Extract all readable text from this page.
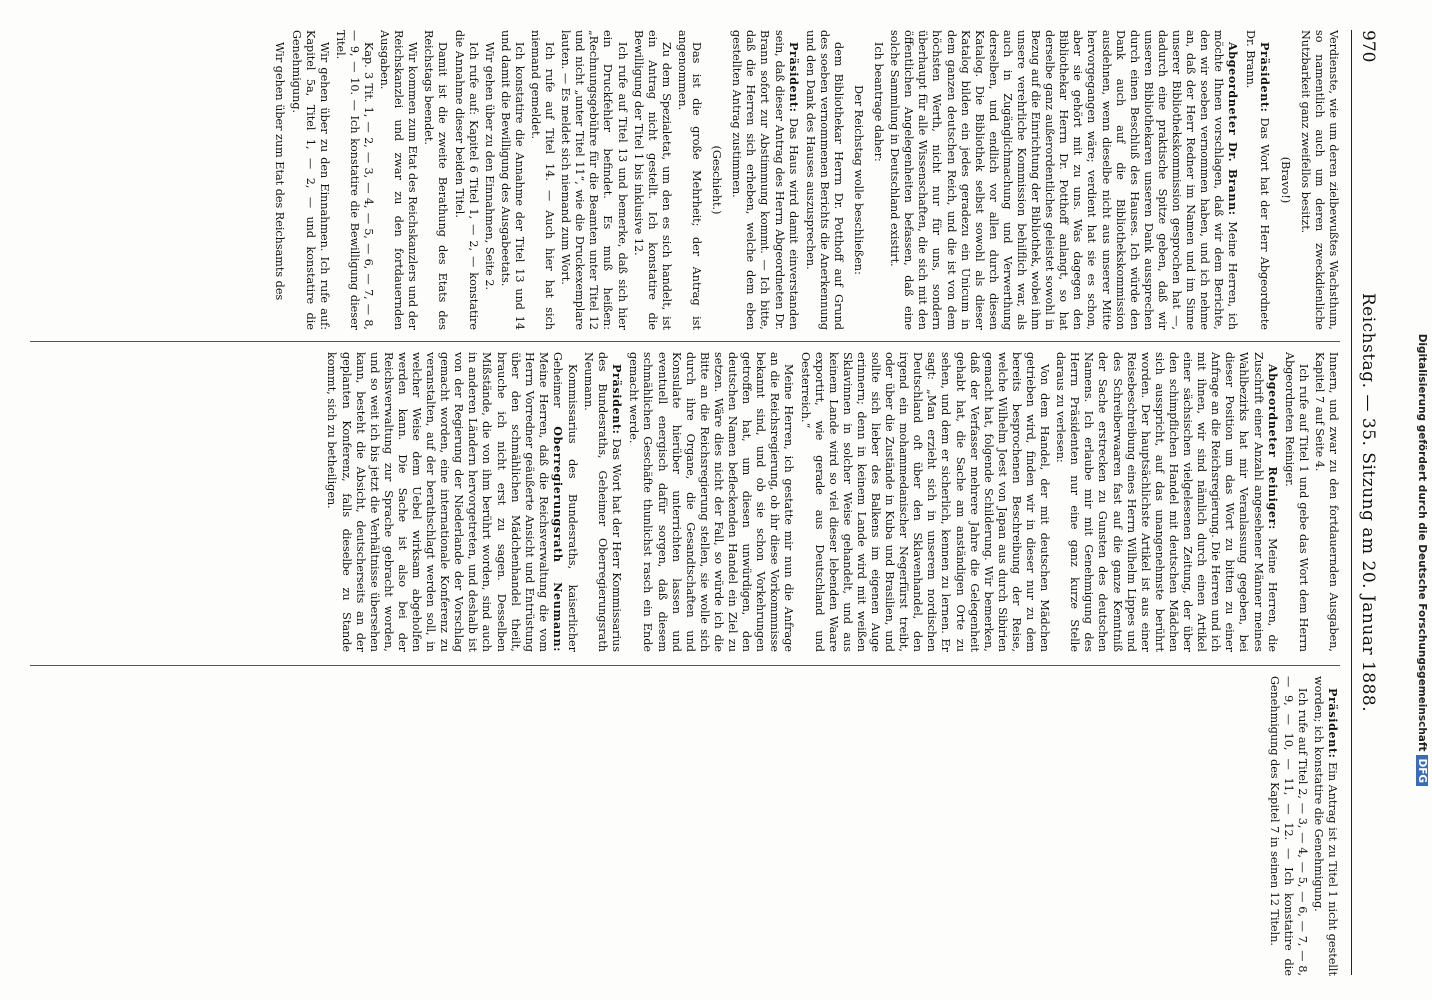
970
Reichstag. — 35. Sitzung am 20. Januar 1888.

Verdienste, wie um deren zielbewußtes Wachsthum, so namentlich auch um deren zweckdienliche Nutzbarkeit ganz zweifellos besitzt.

(Bravo!)

Präsident: Das Wort hat der Herr Abgeordnete Dr. Brann.

Abgeordneter Dr. Brann: Meine Herren, ich möchte Ihnen vorschlagen, daß wir dem Berichte, den wir soeben vernommen haben, und ich nehme an, daß der Herr Redner im Namen und im Sinne unserer Bibliothekskommission gesprochen hat —, dadurch eine praktische Spitze geben, daß wir unseren Bibliothekaren unseren Dank aussprechen durch einen Beschluß des Hauses. Ich würde den Dank auch auf die Bibliothekskommission ausdehnen, wenn dieselbe nicht aus unserer Mitte hervorgegangen wäre; verdient hat sie es schon, aber sie gehört mit zu uns. Was dagegen den Bibliothekar Herrn Dr. Potthoff anlangt, so hat derselbe ganz außerordentliches geleistet sowohl in Bezug auf die Einrichtung der Bibliothek, wobei ihm unsere verehrliche Kommission behilflich war, als auch in Zugänglichmachung und Verwerthung derselben, und endlich vor allen durch diesen Katalog. Die Bibliothek selbst sowohl als dieser Katalog bilden ein jedes geradezu ein Unicum in dem ganzen deutschen Reich, und die ist von dem höchsten Werth, nicht nur für uns, sondern überhaupt für alle Wissenschaften, die sich mit den öffentlichen Angelegenheiten befassen, daß eine solche Sammlung in Deutschland existirt.

Ich beantrage daher:

Der Reichstag wolle beschließen:

dem Bibliothekar Herrn Dr. Potthoff auf Grund des soeben vernommenen Berichts die Anerkennung und den Dank des Hauses auszusprechen.

Präsident: Das Haus wird damit einverstanden sein, daß dieser Antrag des Herrn Abgeordneten Dr. Brann sofort zur Abstimmung kommt. — Ich bitte, daß die Herren sich erheben, welche dem eben gestellten Antrag zustimmen.

(Geschieht.)

Das ist die große Mehrheit; der Antrag ist angenommen.

Zu dem Spezialetat, um den es sich handelt, ist ein Antrag nicht gestellt. Ich konstatire die Bewilligung der Titel 1 bis inklusive 12.

Ich rufe auf Titel 13 und bemerke, daß sich hier ein Druckfehler befindet. Es muß heißen: „Rechnungsgebühre für die Beamten unter Titel 12 und nicht „unter Titel 11“, wie die Druckexemplare lauten. — Es meldet sich niemand zum Wort.

Ich rufe auf Titel 14. — Auch hier hat sich niemand gemeldet.

Ich konstatire die Annahme der Titel 13 und 14 und damit die Bewilligung des Ausgabeetats.

Wir gehen über zu den Einnahmen, Seite 2.

Ich rufe auf: Kapitel 6 Titel 1, — 2, — konstatire die Annahme dieser beiden Titel.

Damit ist die zweite Berathung des Etats des Reichstags beendet.

Wir kommen zum Etat des Reichskanzlers und der Reichskanzlei und zwar zu den fortdauernden Ausgaben.

Kap. 3 Tit. 1, — 2, — 3, — 4, — 5, — 6, — 7, — 8, — 9, — 10. — Ich konstatire die Bewilligung dieser Titel.

Wir gehen über zu den Einnahmen. Ich rufe auf: Kapitel 5a, Titel 1, — 2, — und konstatire die Genehmigung.

Wir gehen über zum Etat des Reichsamts des

Innern, und zwar zu den fortdauernden Ausgaben, Kapitel 7 auf Seite 4.

Ich rufe auf Titel 1 und gebe das Wort dem Herrn Abgeordneten Reiniger.

Abgeordneter Reiniger: Meine Herren, die Zuschrift einer Anzahl angesehener Männer meines Wahlbezirks hat mir Veranlassung gegeben, bei dieser Position um das Wort zu bitten zu einer Anfrage an die Reichsregierung. Die Herren und ich mit ihnen, wir sind nämlich durch einen Artikel einer sächsischen vielgelesenen Zeitung, der über den schimpflichen Handel mit deutschen Mädchen sich ausspricht, auf das unangenehmste berührt worden. Der hauptsächlichste Artikel ist aus einer Reisebeschreibung eines Herrn Wilhelm Lippes und des Schreiberwaaren fast auf die ganze Kenntniß der Sache erstrecken zu Gunsten des deutschen Namens. Ich erlaube mir mit Genehmigung des Herrn Präsidenten nur eine ganz kurze Stelle daraus zu verlesen:

Von dem Handel, der mit deutschen Mädchen getrieben wird, finden wir in dieser nur zu dem bereits besprochenen Beschreibung der Reise, welche Wilhelm Joest von Japan aus durch Sibirien gemacht hat, folgende Schilderung. Wir bemerken, daß der Verfasser mehrere Jahre die Gelegenheit gehabt hat, die Sache am anständigen Orte zu sehen, und dem er sicherlich, kennen zu lernen. Er sagt: „Man erzieht sich in unserem nordischen Deutschland oft über den Sklavenhandel, den irgend ein mohammedanischer Negerfürst treibt, oder über die Zustände in Kuba und Brasilien, und sollte sich lieber des Balkens im eigenen Auge erinnern; denn in keinem Lande wird mit weißen Sklavinnen in solcher Weise gehandelt, und aus keinem Lande wird so viel dieser lebenden Waare exportirt, wie gerade aus Deutschland und Oesterreich.“

Meine Herren, ich gestatte mir nun die Anfrage an die Reichsregierung, ob ihr diese Vorkommnisse bekannt sind, und ob sie schon Vorkehrungen getroffen hat, um diesen unwürdigen, den deutschen Namen befleckenden Handel ein Ziel zu setzen. Wäre dies nicht der Fall, so würde ich die Bitte an die Reichsregierung stellen, sie wolle sich durch ihre Organe, die Gesandtschaften und Konsulate hierüber unterrichten lassen und eventuell energisch dafür sorgen, daß diesem schmählichen Geschäfte thunlichst rasch ein Ende gemacht werde.

Präsident: Das Wort hat der Herr Kommissarius des Bundesraths, Geheimer Oberregierungsrath Neumann.

Kommissarius des Bundesraths, kaiserlicher Geheimer Oberregierungsrath Neumann: Meine Herren, daß die Reichsverwaltung die vom Herrn Vorredner geäußerte Ansicht und Entrüstung über den schmählichen Mädchenhandel theilt, brauche ich nicht erst zu sagen. Desselben Mißstände, die von ihm berührt worden, sind auch in anderen Ländern hervorgetreten, und deshalb ist von der Regierung der Niederlande der Vorschlag gemacht worden, eine internationale Konferenz zu veranstalten, auf der berathschlagt werden soll, in welcher Weise dem Uebel wirksam abgeholfen werden kann. Die Sache ist also bei der Reichsverwaltung zur Sprache gebracht worden, und so weit ich bis jetzt die Verhältnisse übersehen kann, besteht die Absicht, deutscherseits an der geplanten Konferenz, falls dieselbe zu Stande kommt, sich zu betheiligen.

Präsident: Ein Antrag ist zu Titel 1 nicht gestellt worden; ich konstatire die Genehmigung.

Ich rufe auf Titel 2, — 3, — 4, — 5, — 6, — 7, — 8, — 9, — 10, — 11, — 12. — Ich konstatire die Genehmigung des Kapitel 7 in seinen 12 Titeln.

Digitalisierung gefördert durch die Deutsche ForschungsgemeinschaftDFG
